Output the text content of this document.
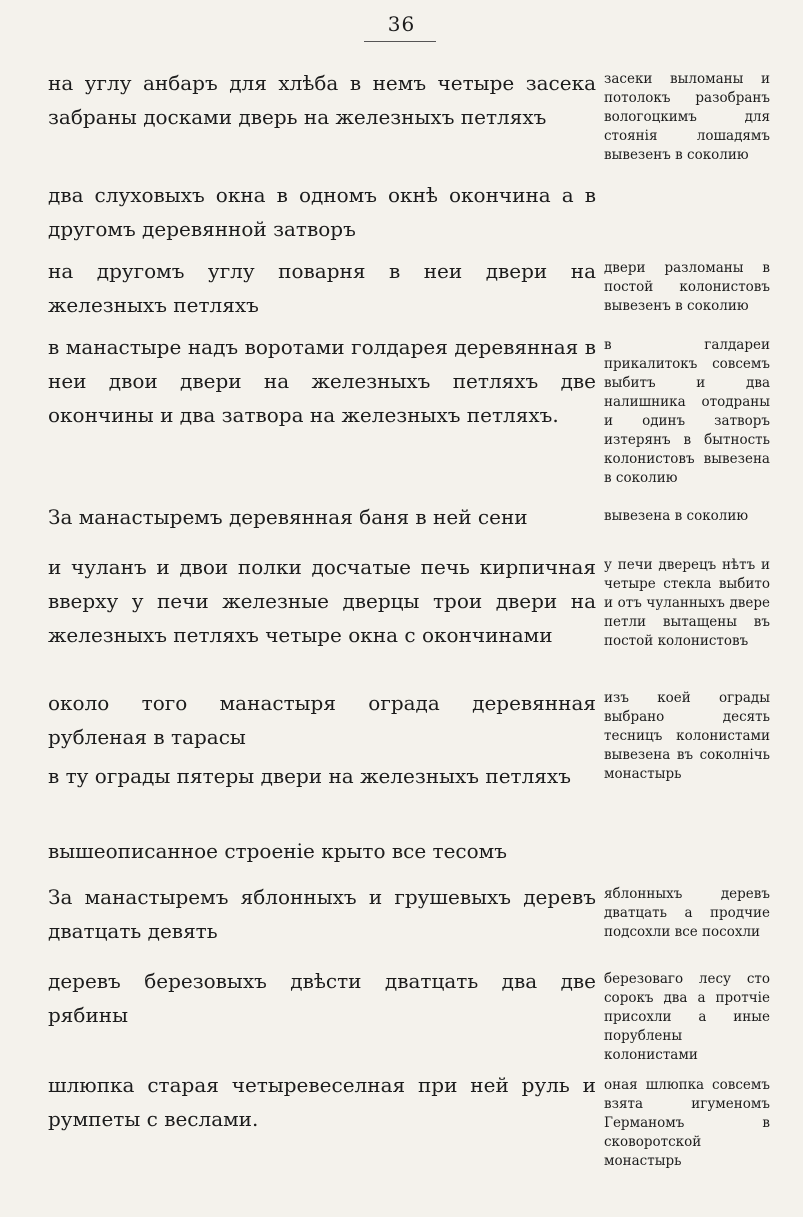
36
на углу анбаръ для хлѣба в немъ четыре засека забраны досками дверь на железныхъ петляхъ
засеки выломаны и потолокъ разобранъ вологоцкимъ для стоянія лошадямъ вывезенъ в соколию
два слуховыхъ окна в одномъ окнѣ окончина а в другомъ деревянной затворъ
на другомъ углу поварня в неи двери на железныхъ петляхъ
двери разломаны в постой колонистовъ вывезенъ в соколию
в манастыре надъ воротами голдарея деревянная в неи двои двери на железныхъ петляхъ две окончины и два затвора на железныхъ петляхъ.
в галдареи прикалитокъ совсемъ выбитъ и два налишника отодраны и одинъ затворъ изтерянъ в бытность колонистовъ вывезена в соколию
За манастыремъ деревянная баня в ней сени	вывезена в соколию
и чуланъ и двои полки досчатые печь кирпичная вверху у печи железные дверцы трои двери на железныхъ петляхъ четыре окна с окончинами
у печи дверецъ нѣтъ и четыре стекла выбито и отъ чуланныхъ двере петли вытащены въ постой колонистовъ
около того манастыря ограда деревянная рубленая в тарасы
изъ коей ограды выбрано десять тесницъ колонистами вывезена въ соколнічь монастырь
в ту ограды пятеры двери на железныхъ петляхъ
вышеописанное строеніе крыто все тесомъ
За манастыремъ яблонныхъ и грушевыхъ деревъ дватцать девять
яблонныхъ деревъ дватцать а продчие подсохли все посохли
деревъ березовыхъ двѣсти дватцать два две рябины
березоваго лесу сто сорокъ два а протчіе присохли а иные порублены колонистами
шлюпка старая четыревеселная при ней руль и румпеты с веслами.
оная шлюпка совсемъ взята игуменомъ Германомъ в сковоротской монастырь
